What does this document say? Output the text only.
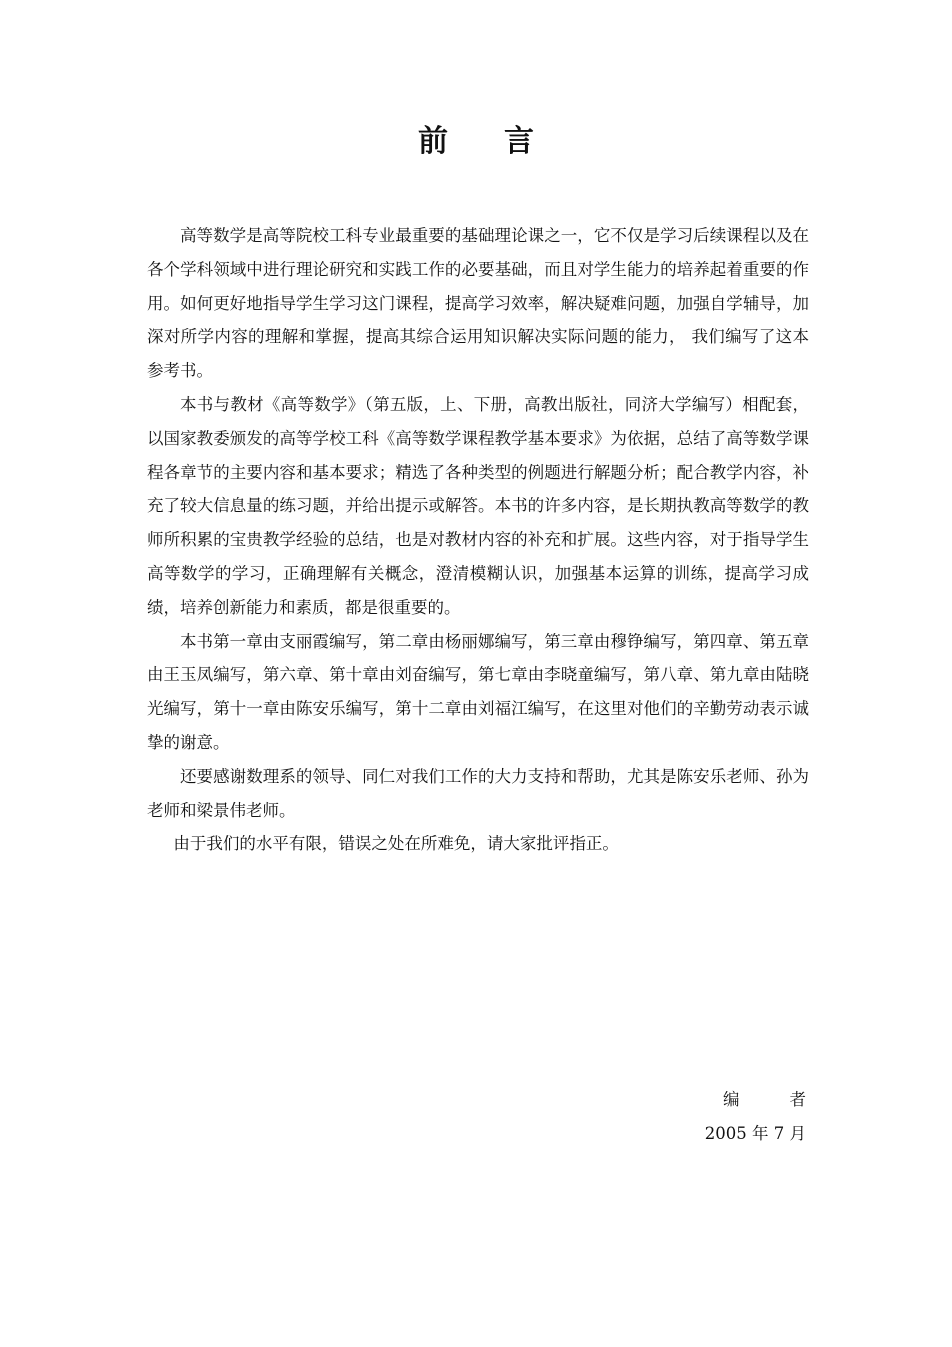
前 言

高等数学是高等院校工科专业最重要的基础理论课之一，它不仅是学习后续课程以及在各个学科领域中进行理论研究和实践工作的必要基础，而且对学生能力的培养起着重要的作用。如何更好地指导学生学习这门课程，提高学习效率，解决疑难问题，加强自学辅导，加深对所学内容的理解和掌握，提高其综合运用知识解决实际问题的能力， 我们编写了这本参考书。

本书与教材《高等数学》（第五版，上、下册，高教出版社，同济大学编写）相配套，以国家教委颁发的高等学校工科《高等数学课程教学基本要求》为依据，总结了高等数学课程各章节的主要内容和基本要求；精选了各种类型的例题进行解题分析；配合教学内容，补充了较大信息量的练习题，并给出提示或解答。本书的许多内容，是长期执教高等数学的教师所积累的宝贵教学经验的总结，也是对教材内容的补充和扩展。这些内容，对于指导学生高等数学的学习，正确理解有关概念，澄清模糊认识，加强基本运算的训练，提高学习成绩，培养创新能力和素质，都是很重要的。

本书第一章由支丽霞编写，第二章由杨丽娜编写，第三章由穆铮编写，第四章、第五章由王玉凤编写，第六章、第十章由刘奋编写，第七章由李晓童编写，第八章、第九章由陆晓光编写，第十一章由陈安乐编写，第十二章由刘福江编写，在这里对他们的辛勤劳动表示诚挚的谢意。

还要感谢数理系的领导、同仁对我们工作的大力支持和帮助，尤其是陈安乐老师、孙为老师和梁景伟老师。

由于我们的水平有限，错误之处在所难免，请大家批评指正。

编	者
2005 年 7 月
